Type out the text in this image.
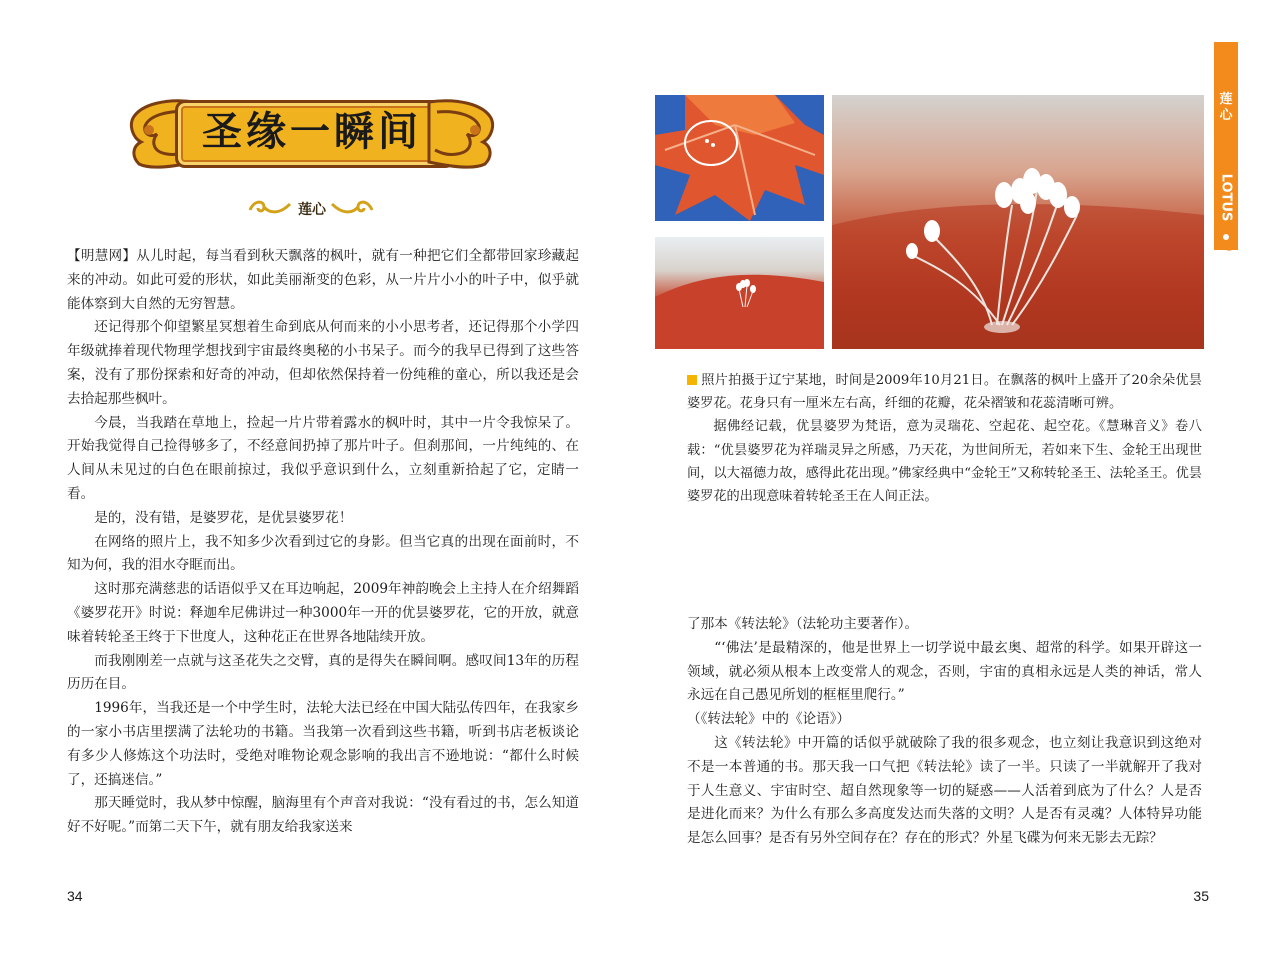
圣缘一瞬间
莲心

【明慧网】从儿时起，每当看到秋天飘落的枫叶，就有一种把它们全都带回家珍藏起来的冲动。如此可爱的形状，如此美丽渐变的色彩，从一片片小小的叶子中，似乎就能体察到大自然的无穷智慧。

还记得那个仰望繁星冥想着生命到底从何而来的小小思考者，还记得那个小学四年级就捧着现代物理学想找到宇宙最终奥秘的小书呆子。而今的我早已得到了这些答案，没有了那份探索和好奇的冲动，但却依然保持着一份纯稚的童心，所以我还是会去拾起那些枫叶。

今晨，当我踏在草地上，捡起一片片带着露水的枫叶时，其中一片令我惊呆了。开始我觉得自己捡得够多了，不经意间扔掉了那片叶子。但刹那间，一片纯纯的、在人间从未见过的白色在眼前掠过，我似乎意识到什么，立刻重新拾起了它，定睛一看。

是的，没有错，是婆罗花，是优昙婆罗花！

在网络的照片上，我不知多少次看到过它的身影。但当它真的出现在面前时，不知为何，我的泪水夺眶而出。

这时那充满慈悲的话语似乎又在耳边响起，2009年神韵晚会上主持人在介绍舞蹈《婆罗花开》时说：释迦牟尼佛讲过一种3000年一开的优昙婆罗花，它的开放，就意味着转轮圣王终于下世度人，这种花正在世界各地陆续开放。

而我刚刚差一点就与这圣花失之交臂，真的是得失在瞬间啊。感叹间13年的历程历历在目。

1996年，当我还是一个中学生时，法轮大法已经在中国大陆弘传四年，在我家乡的一家小书店里摆满了法轮功的书籍。当我第一次看到这些书籍，听到书店老板谈论有多少人修炼这个功法时，受绝对唯物论观念影响的我出言不逊地说：“都什么时候了，还搞迷信。”

那天睡觉时，我从梦中惊醒，脑海里有个声音对我说：“没有看过的书，怎么知道好不好呢。”而第二天下午，就有朋友给我家送来

34

照片拍摄于辽宁某地，时间是2009年10月21日。在飘落的枫叶上盛开了20余朵优昙婆罗花。花身只有一厘米左右高，纤细的花瓣，花朵褶皱和花蕊清晰可辨。

据佛经记载，优昙婆罗为梵语，意为灵瑞花、空起花、起空花。《慧琳音义》卷八载：“优昙婆罗花为祥瑞灵异之所感，乃天花，为世间所无，若如来下生、金轮王出现世间，以大福德力故，感得此花出现。”佛家经典中“金轮王”又称转轮圣王、法轮圣王。优昙婆罗花的出现意味着转轮圣王在人间正法。

了那本《转法轮》（法轮功主要著作）。

“‘佛法’是最精深的，他是世界上一切学说中最玄奥、超常的科学。如果开辟这一领域，就必须从根本上改变常人的观念，否则，宇宙的真相永远是人类的神话，常人永远在自己愚见所划的框框里爬行。”

（《转法轮》中的《论语》）

这《转法轮》中开篇的话似乎就破除了我的很多观念，也立刻让我意识到这绝对不是一本普通的书。那天我一口气把《转法轮》读了一半。只读了一半就解开了我对于人生意义、宇宙时空、超自然现象等一切的疑惑——人活着到底为了什么？人是否是进化而来？为什么有那么多高度发达而失落的文明？人是否有灵魂？人体特异功能是怎么回事？是否有另外空间存在？存在的形式？外星飞碟为何来无影去无踪？

莲心
LOTUS
35
